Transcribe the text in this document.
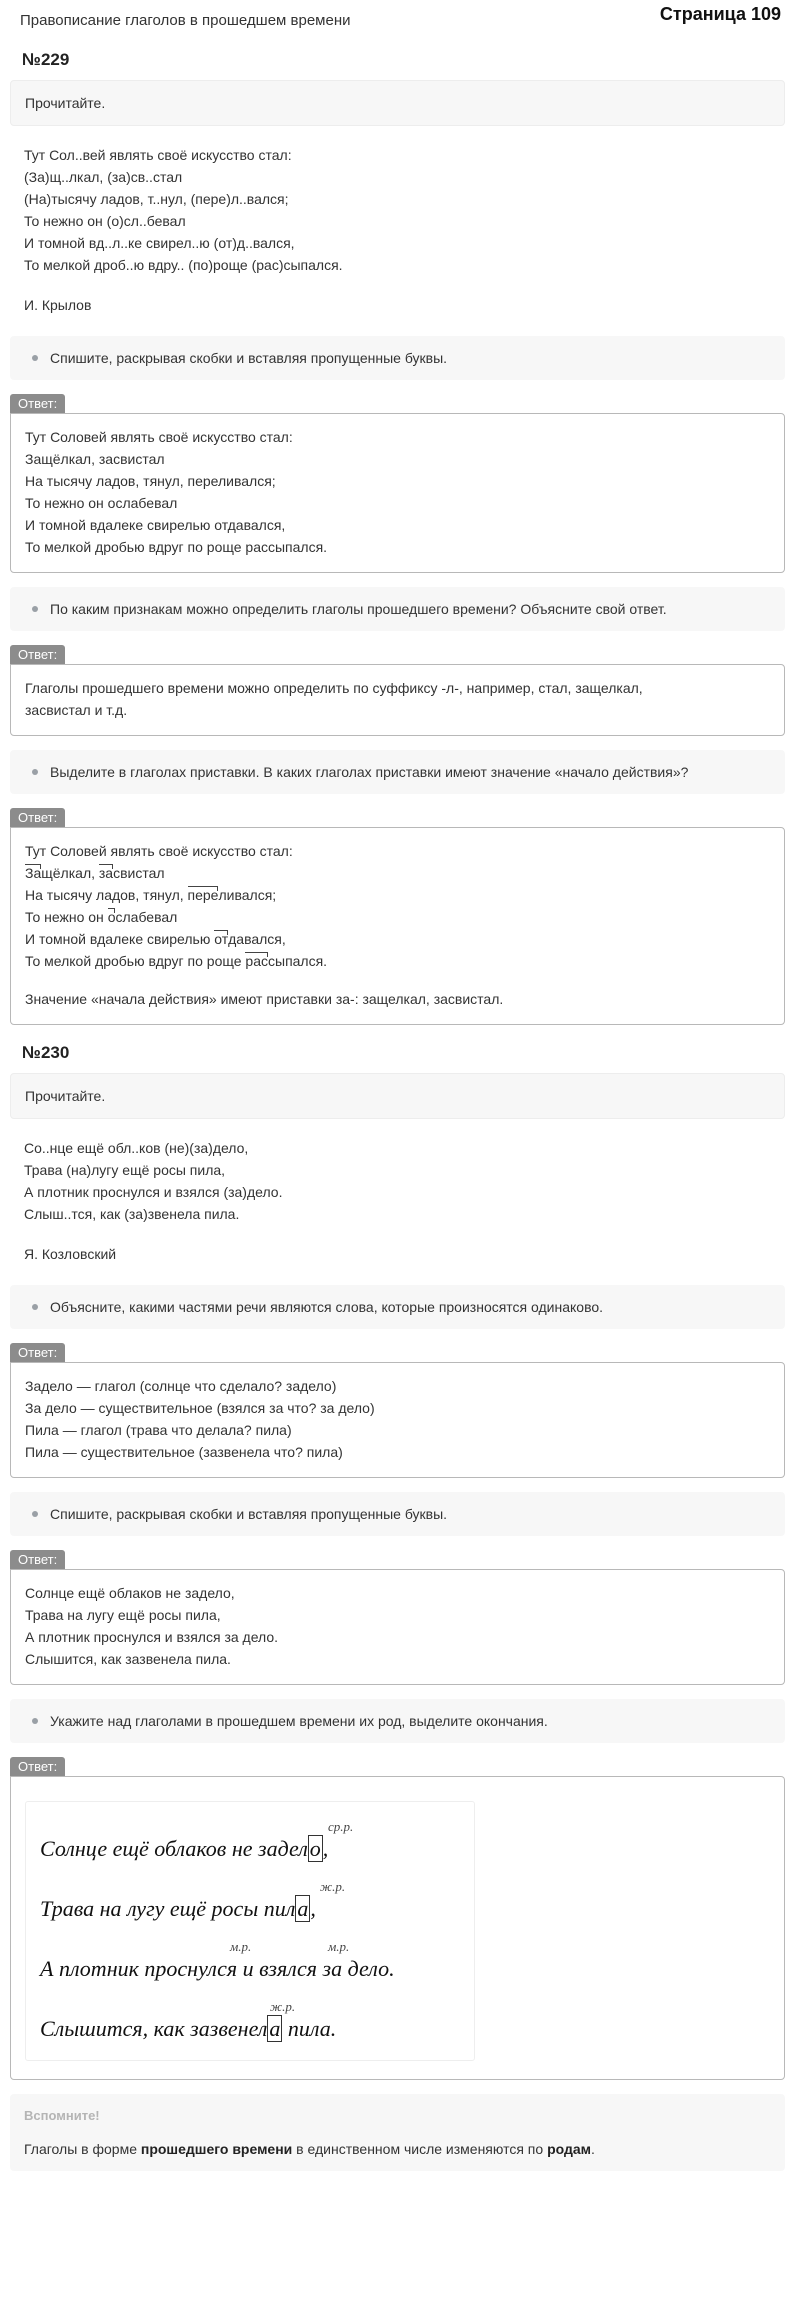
Правописание глаголов в прошедшем времени	Страница 109
№229
Прочитайте.
Тут Сол..вей являть своё искусство стал:
(За)щ..лкал, (за)св..стал
(На)тысячу ладов, т..нул, (пере)л..вался;
То нежно он (о)сл..бевал
И томной вд..л..ке свирел..ю (от)д..вался,
То мелкой дроб..ю вдру.. (по)роще (рас)сыпался.
И. Крылов
Спишите, раскрывая скобки и вставляя пропущенные буквы.
Ответ:
Тут Соловей являть своё искусство стал:
Защёлкал, засвистал
На тысячу ладов, тянул, переливался;
То нежно он ослабевал
И томной вдалеке свирелью отдавался,
То мелкой дробью вдруг по роще рассыпался.
По каким признакам можно определить глаголы прошедшего времени? Объясните свой ответ.
Ответ:
Глаголы прошедшего времени можно определить по суффиксу -л-, например, стал, защелкал,
засвистал и т.д.
Выделите в глаголах приставки. В каких глаголах приставки имеют значение «начало действия»?
Ответ:
Тут Соловей являть своё искусство стал:
Защёлкал, засвистал
На тысячу ладов, тянул, переливался;
То нежно он ослабевал
И томной вдалеке свирелью отдавался,
То мелкой дробью вдруг по роще рассыпался.
Значение «начала действия» имеют приставки за-: защелкал, засвистал.
№230
Прочитайте.
Со..нце ещё обл..ков (не)(за)дело,
Трава (на)лугу ещё росы пила,
А плотник проснулся и взялся (за)дело.
Слыш..тся, как (за)звенела пила.
Я. Козловский
Объясните, какими частями речи являются слова, которые произносятся одинаково.
Ответ:
Задело — глагол (солнце что сделало? задело)
За дело — существительное (взялся за что? за дело)
Пила — глагол (трава что делала? пила)
Пила — существительное (зазвенела что? пила)
Спишите, раскрывая скобки и вставляя пропущенные буквы.
Ответ:
Солнце ещё облаков не задело,
Трава на лугу ещё росы пила,
А плотник проснулся и взялся за дело.
Слышится, как зазвенела пила.
Укажите над глаголами в прошедшем времени их род, выделите окончания.
Ответ:
ср.р.
Солнце ещё облаков не задело,
ж.р.
Трава на лугу ещё росы пила,
м.р.	м.р.
А плотник проснулся и взялся за дело.
ж.р.
Слышится, как зазвенела пила.
Вспомните!
Глаголы в форме прошедшего времени в единственном числе изменяются по родам.
